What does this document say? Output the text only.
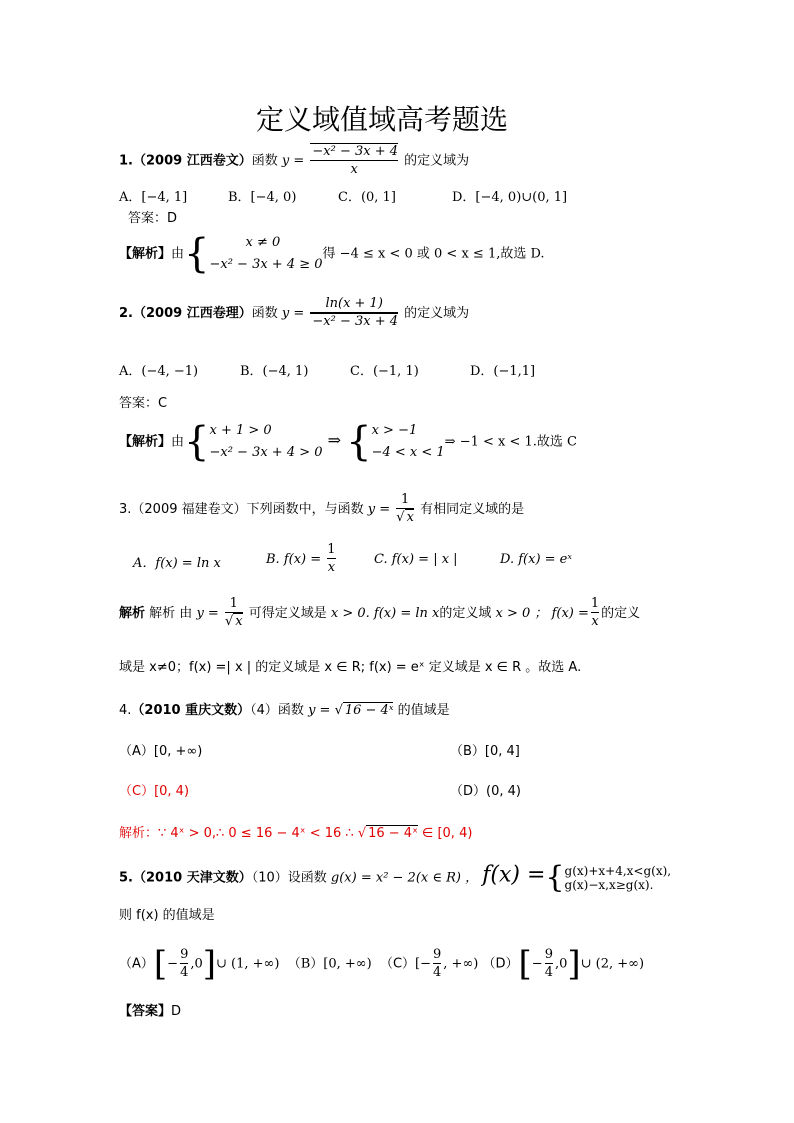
定义域值域高考题选
1.（2009 江西卷文）函数 $y = \frac{\text{−x² − 3x + 4}}{x}$ 的定义域为
A．[−4, 1]	B．[−4, 0)	C．(0, 1]	D．[−4, 0)∪(0, 1]
答案：D
【解析】由{	x ≠ 0
−x² − 3x + 4 ≥ 0
得 −4 ≤ x < 0 或 0 < x ≤ 1,故选 D.
2.（2009 江西卷理）函数 $y = \frac{\ln(x + 1)}{\text{−x² − 3x + 4}}$ 的定义域为
A．(−4, −1)	B．(−4, 1)	C．(−1, 1)	D．(−1,1]
答案：C
【解析】由{ x + 1 > 0
−x² − 3x + 4 > 0
⇒ { x > −1
−4 < x < 1
⇒ −1 < x < 1.故选 C
3.（2009 福建卷文）下列函数中，与函数 $y = \frac{1}{√ x}$ 有相同定义域的是
A．f(x) = ln x	B. $f(x) = \frac{1}{x}$	C. f(x) = | x |	D. f(x) = eˣ
解析 解析 由 $y = \frac{1}{√ x}$ 可得定义域是 x > 0. f(x) = ln x的定义域 x > 0 ； $f(x) = \frac{1}{x}$ 的定义
域是 x≠0；f(x) =| x | 的定义域是 x ∈ R; f(x) = eˣ 定义域是 x ∈ R 。故选 A.
4.（2010 重庆文数）（4）函数 y = √ 16 − 4ˣ 的值域是
（A）[0, +∞)	（B）[0, 4]
（C）[0, 4)	（D）(0, 4)
解析：∵ 4ˣ > 0,∴ 0 ≤ 16 − 4ˣ < 16 ∴ √ 16 − 4ˣ ∈ [0, 4)
5.（2010 天津文数）（10）设函数 g(x) = x² − 2(x ∈ R) ， f(x) ={ g(x)+x+4,x<g(x),
g(x)−x,x≥g(x).
则 f(x) 的值域是
$(A)[- \frac{9}{4}$ ,0]∪ (1, +∞) （B）[0, +∞) $(C)[- \frac{9}{4}$ , +∞) $(D)[- \frac{9}{4}$ ,0]∪ (2, +∞)
【答案】D
